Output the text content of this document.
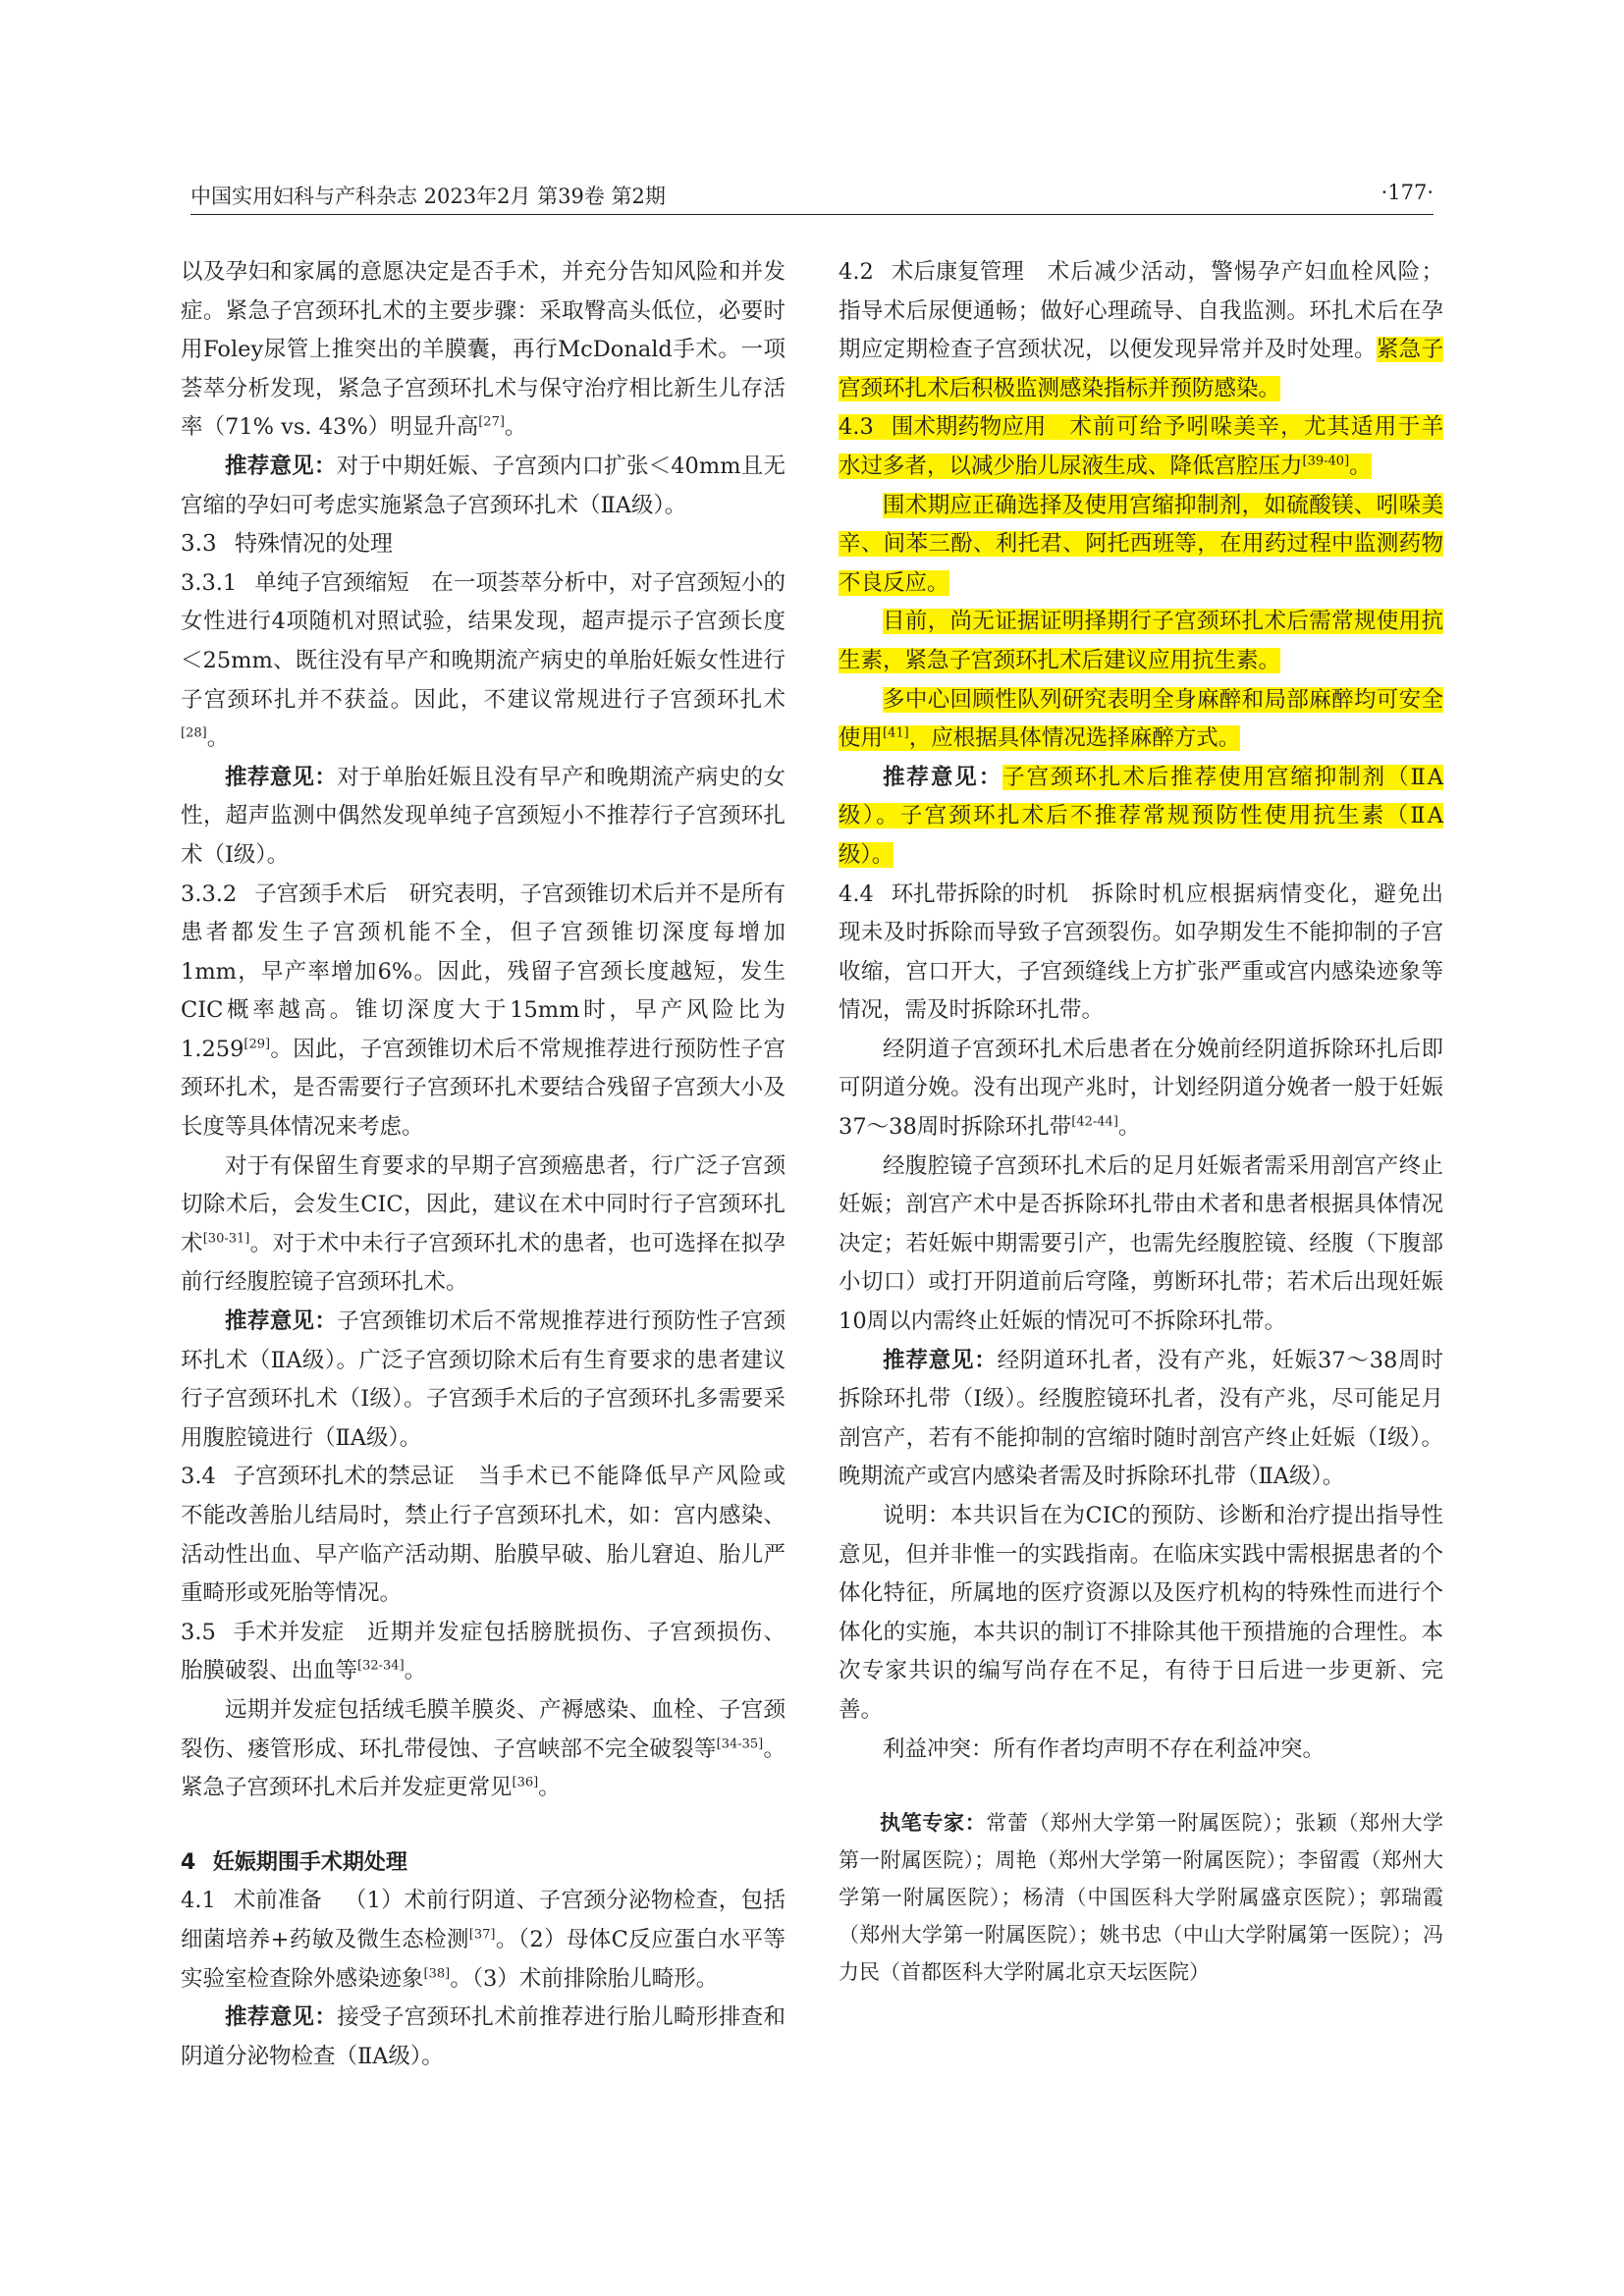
中国实用妇科与产科杂志 2023年2月 第39卷 第2期	·177·

以及孕妇和家属的意愿决定是否手术，并充分告知风险和并发症。紧急子宫颈环扎术的主要步骤：采取臀高头低位，必要时用Foley尿管上推突出的羊膜囊，再行McDonald手术。一项荟萃分析发现，紧急子宫颈环扎术与保守治疗相比新生儿存活率（71% vs. 43%）明显升高[27]。

推荐意见：对于中期妊娠、子宫颈内口扩张＜40mm且无宫缩的孕妇可考虑实施紧急子宫颈环扎术（ⅡA级）。

3.3 特殊情况的处理

3.3.1 单纯子宫颈缩短 在一项荟萃分析中，对子宫颈短小的女性进行4项随机对照试验，结果发现，超声提示子宫颈长度＜25mm、既往没有早产和晚期流产病史的单胎妊娠女性进行子宫颈环扎并不获益。因此，不建议常规进行子宫颈环扎术[28]。

推荐意见：对于单胎妊娠且没有早产和晚期流产病史的女性，超声监测中偶然发现单纯子宫颈短小不推荐行子宫颈环扎术（Ⅰ级）。

3.3.2 子宫颈手术后 研究表明，子宫颈锥切术后并不是所有患者都发生子宫颈机能不全，但子宫颈锥切深度每增加1mm，早产率增加6%。因此，残留子宫颈长度越短，发生CIC概率越高。锥切深度大于15mm时，早产风险比为1.259[29]。因此，子宫颈锥切术后不常规推荐进行预防性子宫颈环扎术，是否需要行子宫颈环扎术要结合残留子宫颈大小及长度等具体情况来考虑。

对于有保留生育要求的早期子宫颈癌患者，行广泛子宫颈切除术后，会发生CIC，因此，建议在术中同时行子宫颈环扎术[30-31]。对于术中未行子宫颈环扎术的患者，也可选择在拟孕前行经腹腔镜子宫颈环扎术。

推荐意见：子宫颈锥切术后不常规推荐进行预防性子宫颈环扎术（ⅡA级）。广泛子宫颈切除术后有生育要求的患者建议行子宫颈环扎术（Ⅰ级）。子宫颈手术后的子宫颈环扎多需要采用腹腔镜进行（ⅡA级）。

3.4 子宫颈环扎术的禁忌证 当手术已不能降低早产风险或不能改善胎儿结局时，禁止行子宫颈环扎术，如：宫内感染、活动性出血、早产临产活动期、胎膜早破、胎儿窘迫、胎儿严重畸形或死胎等情况。

3.5 手术并发症 近期并发症包括膀胱损伤、子宫颈损伤、胎膜破裂、出血等[32-34]。

远期并发症包括绒毛膜羊膜炎、产褥感染、血栓、子宫颈裂伤、瘘管形成、环扎带侵蚀、子宫峡部不完全破裂等[34-35]。紧急子宫颈环扎术后并发症更常见[36]。

4 妊娠期围手术期处理

4.1 术前准备 （1）术前行阴道、子宫颈分泌物检查，包括细菌培养+药敏及微生态检测[37]。（2）母体C反应蛋白水平等实验室检查除外感染迹象[38]。（3）术前排除胎儿畸形。

推荐意见：接受子宫颈环扎术前推荐进行胎儿畸形排查和阴道分泌物检查（ⅡA级）。

4.2 术后康复管理 术后减少活动，警惕孕产妇血栓风险；指导术后尿便通畅；做好心理疏导、自我监测。环扎术后在孕期应定期检查子宫颈状况，以便发现异常并及时处理。紧急子宫颈环扎术后积极监测感染指标并预防感染。

4.3 围术期药物应用 术前可给予吲哚美辛，尤其适用于羊水过多者，以减少胎儿尿液生成、降低宫腔压力[39-40]。

围术期应正确选择及使用宫缩抑制剂，如硫酸镁、吲哚美辛、间苯三酚、利托君、阿托西班等，在用药过程中监测药物不良反应。

目前，尚无证据证明择期行子宫颈环扎术后需常规使用抗生素，紧急子宫颈环扎术后建议应用抗生素。

多中心回顾性队列研究表明全身麻醉和局部麻醉均可安全使用[41]，应根据具体情况选择麻醉方式。

推荐意见：子宫颈环扎术后推荐使用宫缩抑制剂（ⅡA级）。子宫颈环扎术后不推荐常规预防性使用抗生素（ⅡA级）。

4.4 环扎带拆除的时机 拆除时机应根据病情变化，避免出现未及时拆除而导致子宫颈裂伤。如孕期发生不能抑制的子宫收缩，宫口开大，子宫颈缝线上方扩张严重或宫内感染迹象等情况，需及时拆除环扎带。

经阴道子宫颈环扎术后患者在分娩前经阴道拆除环扎后即可阴道分娩。没有出现产兆时，计划经阴道分娩者一般于妊娠37～38周时拆除环扎带[42-44]。

经腹腔镜子宫颈环扎术后的足月妊娠者需采用剖宫产终止妊娠；剖宫产术中是否拆除环扎带由术者和患者根据具体情况决定；若妊娠中期需要引产，也需先经腹腔镜、经腹（下腹部小切口）或打开阴道前后穹隆，剪断环扎带；若术后出现妊娠10周以内需终止妊娠的情况可不拆除环扎带。

推荐意见：经阴道环扎者，没有产兆，妊娠37～38周时拆除环扎带（Ⅰ级）。经腹腔镜环扎者，没有产兆，尽可能足月剖宫产，若有不能抑制的宫缩时随时剖宫产终止妊娠（Ⅰ级）。晚期流产或宫内感染者需及时拆除环扎带（ⅡA级）。

说明：本共识旨在为CIC的预防、诊断和治疗提出指导性意见，但并非惟一的实践指南。在临床实践中需根据患者的个体化特征，所属地的医疗资源以及医疗机构的特殊性而进行个体化的实施，本共识的制订不排除其他干预措施的合理性。本次专家共识的编写尚存在不足，有待于日后进一步更新、完善。

利益冲突：所有作者均声明不存在利益冲突。

执笔专家：常蕾（郑州大学第一附属医院）；张颖（郑州大学第一附属医院）；周艳（郑州大学第一附属医院）；李留霞（郑州大学第一附属医院）；杨清（中国医科大学附属盛京医院）；郭瑞霞（郑州大学第一附属医院）；姚书忠（中山大学附属第一医院）；冯力民（首都医科大学附属北京天坛医院）
